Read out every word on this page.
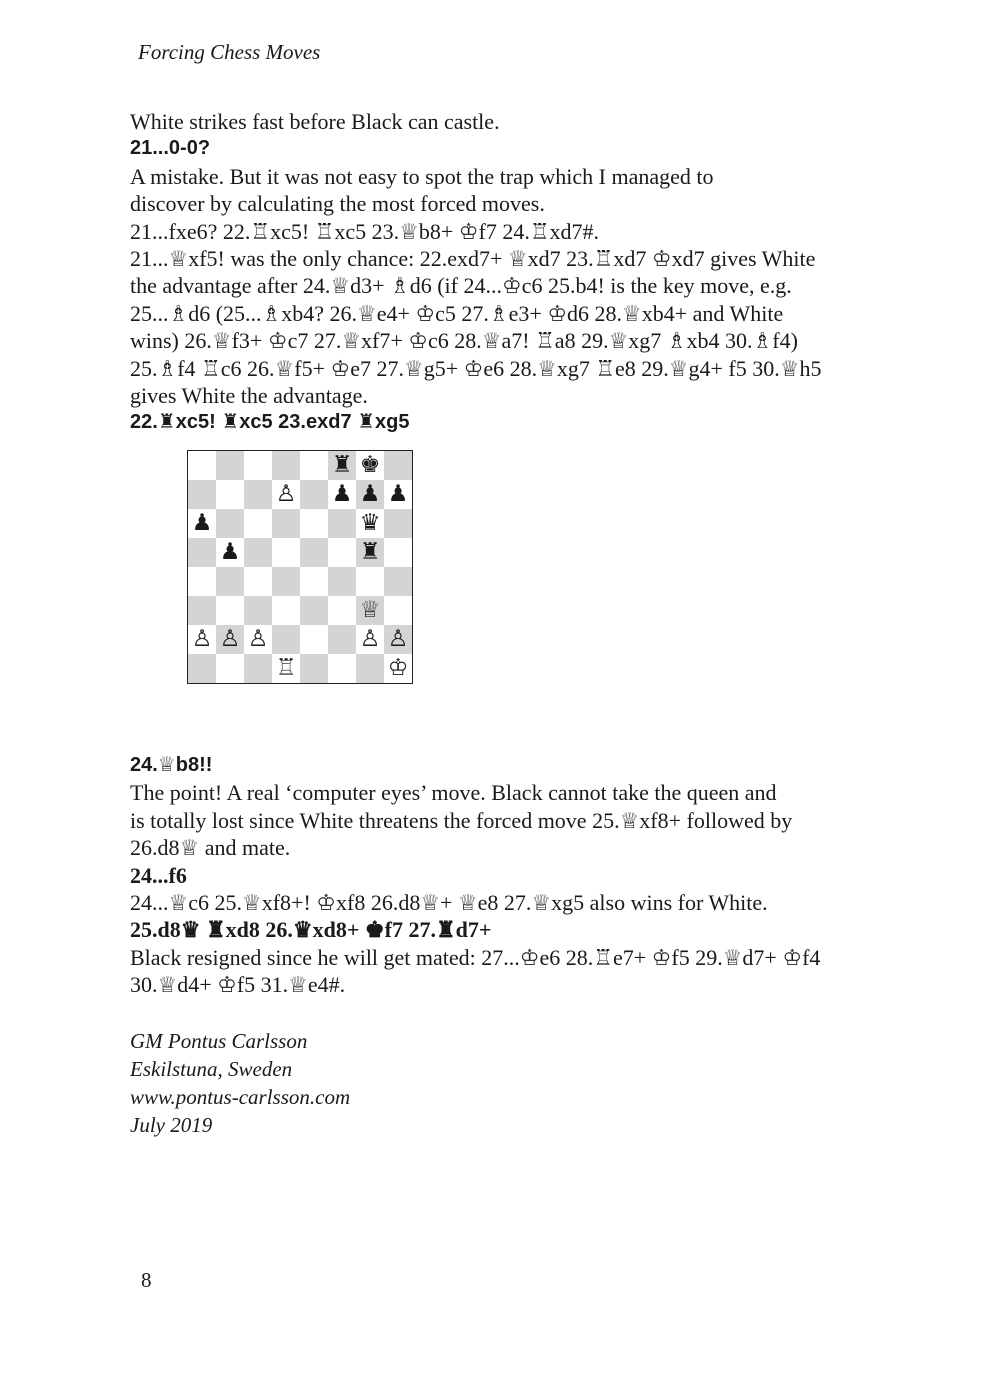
Forcing Chess Moves

White strikes fast before Black can castle.

21...0-0?

A mistake. But it was not easy to spot the trap which I managed to

discover by calculating the most forced moves.

21...fxe6? 22.♖xc5! ♖xc5 23.♕b8+ ♔f7 24.♖xd7#.

21...♕xf5! was the only chance: 22.exd7+ ♕xd7 23.♖xd7 ♔xd7 gives White

the advantage after 24.♕d3+ ♗d6 (if 24...♔c6 25.b4! is the key move, e.g.

25...♗d6 (25...♗xb4? 26.♕e4+ ♔c5 27.♗e3+ ♔d6 28.♕xb4+ and White

wins) 26.♕f3+ ♔c7 27.♕xf7+ ♔c6 28.♕a7! ♖a8 29.♕xg7 ♗xb4 30.♗f4)

25.♗f4 ♖c6 26.♕f5+ ♔e7 27.♕g5+ ♔e6 28.♕xg7 ♖e8 29.♕g4+ f5 30.♕h5

gives White the advantage.

22.♜xc5! ♜xc5 23.exd7 ♜xg5

♜ ♚
♙ ♟ ♟ ♟
♟	♛
♟	♜
♕
♙ ♙ ♙	♙ ♙
♖	♔

24.♕b8!!

The point! A real ‘computer eyes’ move. Black cannot take the queen and

is totally lost since White threatens the forced move 25.♕xf8+ followed by

26.d8♕ and mate.

24...f6

24...♕c6 25.♕xf8+! ♔xf8 26.d8♕+ ♕e8 27.♕xg5 also wins for White.

25.d8♛ ♜xd8 26.♛xd8+ ♚f7 27.♜d7+

Black resigned since he will get mated: 27...♔e6 28.♖e7+ ♔f5 29.♕d7+ ♔f4

30.♕d4+ ♔f5 31.♕e4#.

GM Pontus Carlsson

Eskilstuna, Sweden

www.pontus-carlsson.com

July 2019

8
